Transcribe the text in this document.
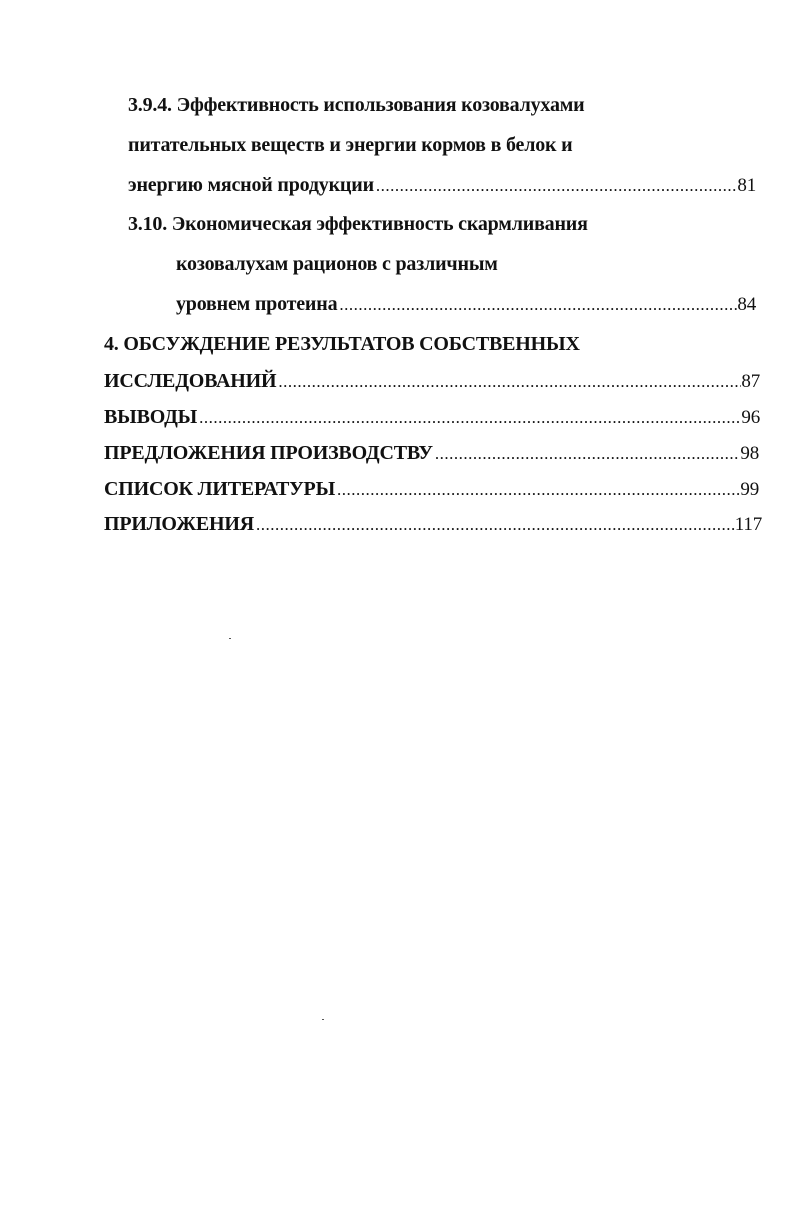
3.9.4. Эффективность использования козовалухами
питательных веществ и энергии кормов в белок и
энергию мясной продукции .....	81
3.10. Экономическая эффективность скармливания
козовалухам рационов с различным
уровнем протеина .....	84
4. ОБСУЖДЕНИЕ РЕЗУЛЬТАТОВ СОБСТВЕННЫХ
ИССЛЕДОВАНИЙ .....	87
ВЫВОДЫ .....	96
ПРЕДЛОЖЕНИЯ ПРОИЗВОДСТВУ .....	98
СПИСОК ЛИТЕРАТУРЫ .....	99
ПРИЛОЖЕНИЯ .....	117
